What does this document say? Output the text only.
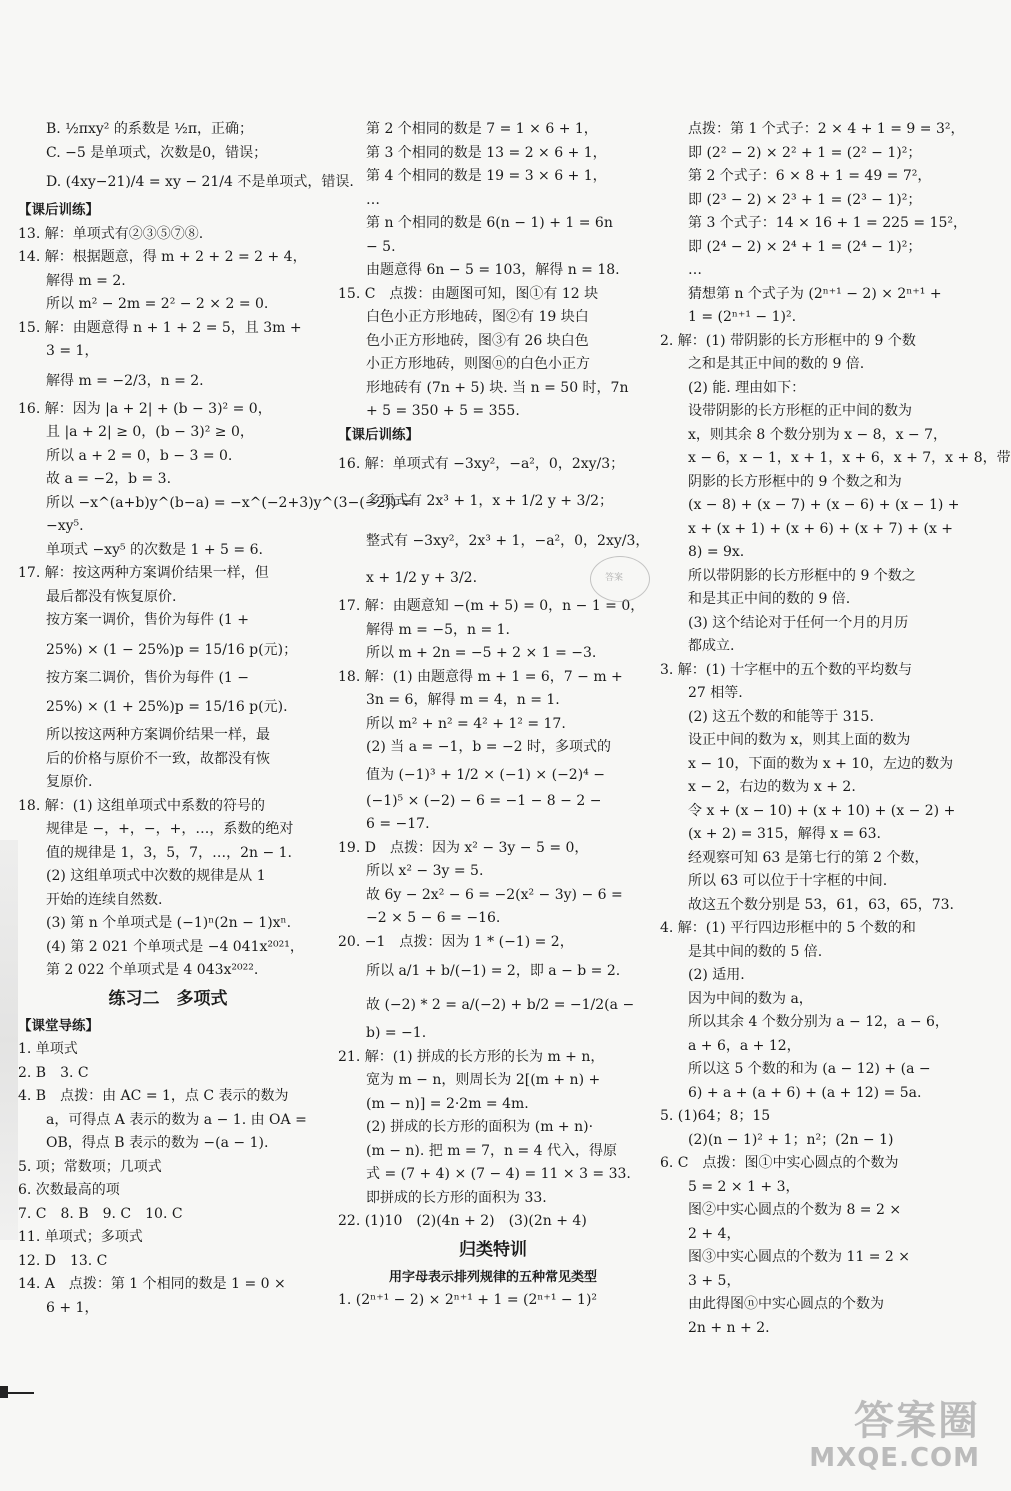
B. ½πxy² 的系数是 ½π，正确；
C. −5 是单项式，次数是0，错误；
D. (4xy−21)/4 = xy − 21/4 不是单项式，错误.
【课后训练】
13. 解：单项式有②③⑤⑦⑧.
14. 解：根据题意，得 m + 2 + 2 = 2 + 4，
解得 m = 2.
所以 m² − 2m = 2² − 2 × 2 = 0.
15. 解：由题意得 n + 1 + 2 = 5，且 3m +
3 = 1，
解得 m = −2/3，n = 2.
16. 解：因为 |a + 2| + (b − 3)² = 0，
且 |a + 2| ≥ 0，(b − 3)² ≥ 0，
所以 a + 2 = 0，b − 3 = 0.
故 a = −2，b = 3.
所以 −x^(a+b)y^(b−a) = −x^(−2+3)y^(3−(−2)) =
−xy⁵.
单项式 −xy⁵ 的次数是 1 + 5 = 6.
17. 解：按这两种方案调价结果一样，但
最后都没有恢复原价.
按方案一调价，售价为每件 (1 +
25%) × (1 − 25%)p = 15/16 p(元)；
按方案二调价，售价为每件 (1 −
25%) × (1 + 25%)p = 15/16 p(元).
所以按这两种方案调价结果一样，最
后的价格与原价不一致，故都没有恢
复原价.
18. 解：(1) 这组单项式中系数的符号的
规律是 −，+，−，+，…，系数的绝对
值的规律是 1，3，5，7，…，2n − 1.
(2) 这组单项式中次数的规律是从 1
开始的连续自然数.
(3) 第 n 个单项式是 (−1)ⁿ(2n − 1)xⁿ.
(4) 第 2 021 个单项式是 −4 041x²⁰²¹，
第 2 022 个单项式是 4 043x²⁰²².
练习二　多项式
【课堂导练】
1. 单项式
2. B　3. C
4. B　点拨：由 AC = 1，点 C 表示的数为
a，可得点 A 表示的数为 a − 1. 由 OA =
OB，得点 B 表示的数为 −(a − 1).
5. 项；常数项；几项式
6. 次数最高的项
7. C　8. B　9. C　10. C
11. 单项式；多项式
12. D　13. C
14. A　点拨：第 1 个相同的数是 1 = 0 ×
6 + 1，
第 2 个相同的数是 7 = 1 × 6 + 1，
第 3 个相同的数是 13 = 2 × 6 + 1，
第 4 个相同的数是 19 = 3 × 6 + 1，
…
第 n 个相同的数是 6(n − 1) + 1 = 6n
− 5.
由题意得 6n − 5 = 103，解得 n = 18.
15. C　点拨：由题图可知，图①有 12 块
白色小正方形地砖，图②有 19 块白
色小正方形地砖，图③有 26 块白色
小正方形地砖，则图ⓝ的白色小正方
形地砖有 (7n + 5) 块. 当 n = 50 时，7n
+ 5 = 350 + 5 = 355.
【课后训练】
16. 解：单项式有 −3xy²，−a²，0，2xy/3；
多项式有 2x³ + 1，x + 1/2 y + 3/2；
整式有 −3xy²，2x³ + 1，−a²，0，2xy/3，
x + 1/2 y + 3/2.
17. 解：由题意知 −(m + 5) = 0，n − 1 = 0，
解得 m = −5，n = 1.
所以 m + 2n = −5 + 2 × 1 = −3.
18. 解：(1) 由题意得 m + 1 = 6，7 − m +
3n = 6，解得 m = 4，n = 1.
所以 m² + n² = 4² + 1² = 17.
(2) 当 a = −1，b = −2 时，多项式的
值为 (−1)³ + 1/2 × (−1) × (−2)⁴ −
(−1)⁵ × (−2) − 6 = −1 − 8 − 2 −
6 = −17.
19. D　点拨：因为 x² − 3y − 5 = 0，
所以 x² − 3y = 5.
故 6y − 2x² − 6 = −2(x² − 3y) − 6 =
−2 × 5 − 6 = −16.
20. −1　点拨：因为 1 * (−1) = 2，
所以 a/1 + b/(−1) = 2，即 a − b = 2.
故 (−2) * 2 = a/(−2) + b/2 = −1/2(a −
b) = −1.
21. 解：(1) 拼成的长方形的长为 m + n，
宽为 m − n，则周长为 2[(m + n) +
(m − n)] = 2·2m = 4m.
(2) 拼成的长方形的面积为 (m + n)·
(m − n). 把 m = 7，n = 4 代入，得原
式 = (7 + 4) × (7 − 4) = 11 × 3 = 33.
即拼成的长方形的面积为 33.
22. (1)10　(2)(4n + 2)　(3)(2n + 4)
归类特训
用字母表示排列规律的五种常见类型
1. (2ⁿ⁺¹ − 2) × 2ⁿ⁺¹ + 1 = (2ⁿ⁺¹ − 1)²
答案
点拨：第 1 个式子：2 × 4 + 1 = 9 = 3²，
即 (2² − 2) × 2² + 1 = (2² − 1)²；
第 2 个式子：6 × 8 + 1 = 49 = 7²，
即 (2³ − 2) × 2³ + 1 = (2³ − 1)²；
第 3 个式子：14 × 16 + 1 = 225 = 15²，
即 (2⁴ − 2) × 2⁴ + 1 = (2⁴ − 1)²；
…
猜想第 n 个式子为 (2ⁿ⁺¹ − 2) × 2ⁿ⁺¹ +
1 = (2ⁿ⁺¹ − 1)².
2. 解：(1) 带阴影的长方形框中的 9 个数
之和是其正中间的数的 9 倍.
(2) 能. 理由如下：
设带阴影的长方形框的正中间的数为
x，则其余 8 个数分别为 x − 8，x − 7，
x − 6，x − 1，x + 1，x + 6，x + 7，x + 8，带
阴影的长方形框中的 9 个数之和为
(x − 8) + (x − 7) + (x − 6) + (x − 1) +
x + (x + 1) + (x + 6) + (x + 7) + (x +
8) = 9x.
所以带阴影的长方形框中的 9 个数之
和是其正中间的数的 9 倍.
(3) 这个结论对于任何一个月的月历
都成立.
3. 解：(1) 十字框中的五个数的平均数与
27 相等.
(2) 这五个数的和能等于 315.
设正中间的数为 x，则其上面的数为
x − 10，下面的数为 x + 10，左边的数为
x − 2，右边的数为 x + 2.
令 x + (x − 10) + (x + 10) + (x − 2) +
(x + 2) = 315，解得 x = 63.
经观察可知 63 是第七行的第 2 个数，
所以 63 可以位于十字框的中间.
故这五个数分别是 53，61，63，65，73.
4. 解：(1) 平行四边形框中的 5 个数的和
是其中间的数的 5 倍.
(2) 适用.
因为中间的数为 a，
所以其余 4 个数分别为 a − 12，a − 6，
a + 6，a + 12，
所以这 5 个数的和为 (a − 12) + (a −
6) + a + (a + 6) + (a + 12) = 5a.
5. (1)64；8；15
(2)(n − 1)² + 1；n²；(2n − 1)
6. C　点拨：图①中实心圆点的个数为
5 = 2 × 1 + 3，
图②中实心圆点的个数为 8 = 2 ×
2 + 4，
图③中实心圆点的个数为 11 = 2 ×
3 + 5，
由此得图ⓝ中实心圆点的个数为
2n + n + 2.
答案圈
MXQE.COM
